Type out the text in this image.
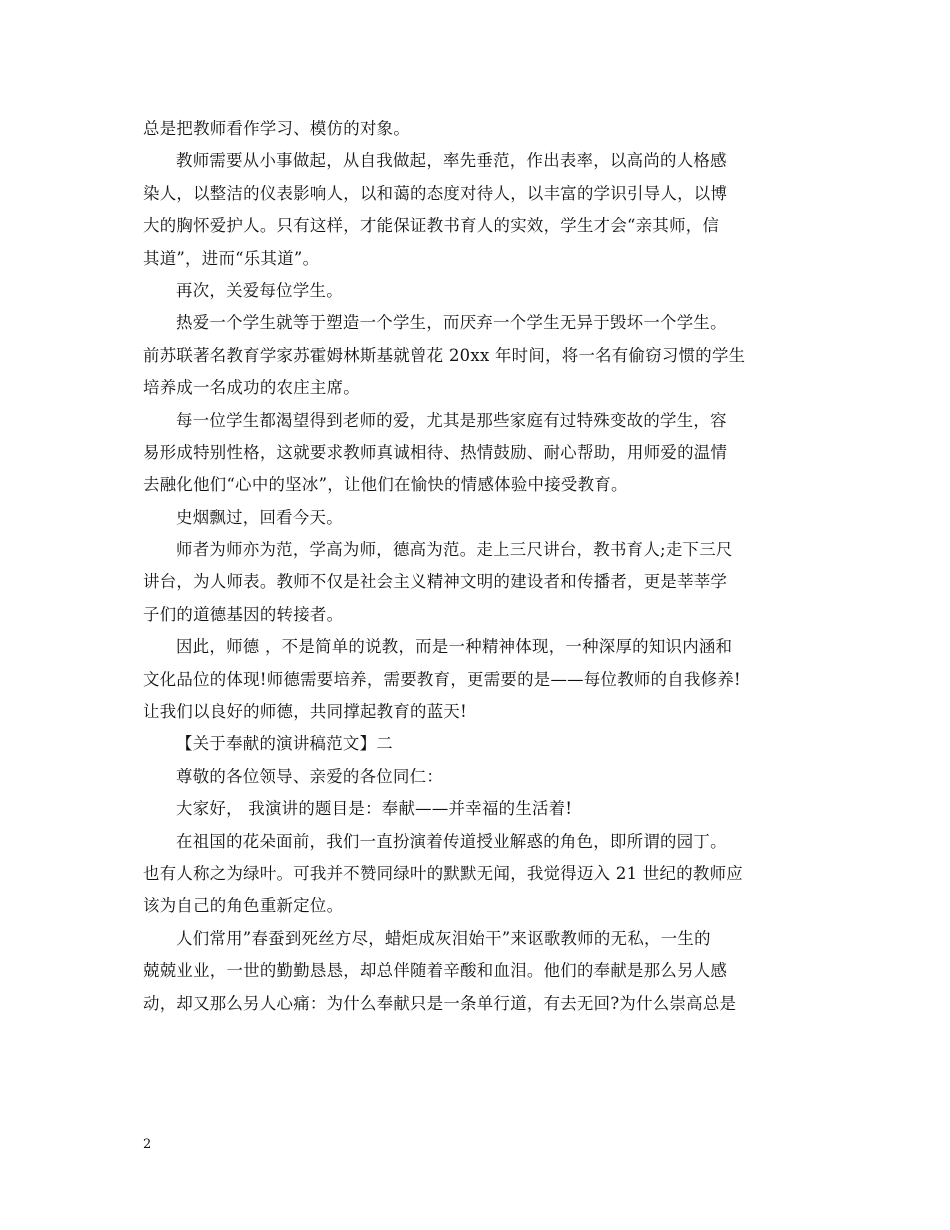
总是把教师看作学习、模仿的对象。
教师需要从小事做起，从自我做起，率先垂范，作出表率，以高尚的人格感
染人，以整洁的仪表影响人，以和蔼的态度对待人，以丰富的学识引导人，以博
大的胸怀爱护人。只有这样，才能保证教书育人的实效，学生才会“亲其师，信
其道”，进而“乐其道”。
再次，关爱每位学生。
热爱一个学生就等于塑造一个学生，而厌弃一个学生无异于毁坏一个学生。
前苏联著名教育学家苏霍姆林斯基就曾花 20xx 年时间，将一名有偷窃习惯的学生
培养成一名成功的农庄主席。
每一位学生都渴望得到老师的爱，尤其是那些家庭有过特殊变故的学生，容
易形成特别性格，这就要求教师真诚相待、热情鼓励、耐心帮助，用师爱的温情
去融化他们“心中的坚冰”，让他们在愉快的情感体验中接受教育。
史烟飘过，回看今天。
师者为师亦为范，学高为师，德高为范。走上三尺讲台，教书育人;走下三尺
讲台，为人师表。教师不仅是社会主义精神文明的建设者和传播者，更是莘莘学
子们的道德基因的转接者。
因此，师德 ，不是简单的说教，而是一种精神体现，一种深厚的知识内涵和
文化品位的体现!师德需要培养，需要教育，更需要的是——每位教师的自我修养!
让我们以良好的师德，共同撑起教育的蓝天!
【关于奉献的演讲稿范文】二
尊敬的各位领导、亲爱的各位同仁：
大家好， 我演讲的题目是：奉献——并幸福的生活着!
在祖国的花朵面前，我们一直扮演着传道授业解惑的角色，即所谓的园丁。
也有人称之为绿叶。可我并不赞同绿叶的默默无闻，我觉得迈入 21 世纪的教师应
该为自己的角色重新定位。
人们常用”春蚕到死丝方尽，蜡炬成灰泪始干”来讴歌教师的无私，一生的
兢兢业业，一世的勤勤恳恳，却总伴随着辛酸和血泪。他们的奉献是那么另人感
动，却又那么另人心痛：为什么奉献只是一条单行道，有去无回?为什么崇高总是
2
